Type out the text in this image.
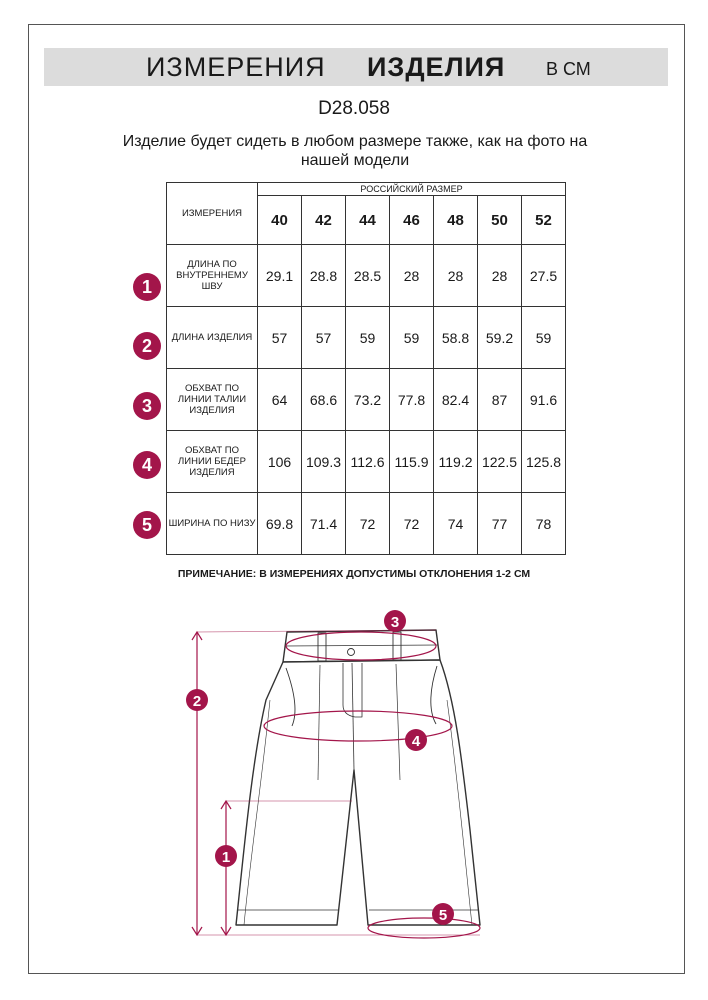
ИЗМЕРЕНИЯ ИЗДЕЛИЯ В СМ
D28.058
Изделие будет сидеть в любом размере также, как на фото на нашей модели
ИЗМЕРЕНИЯ	РОССИЙСКИЙ РАЗМЕР						
	40	42	44	46	48	50	52
ДЛИНА ПО ВНУТРЕННЕМУ ШВУ	29.1	28.8	28.5	28	28	28	27.5
ДЛИНА ИЗДЕЛИЯ	57	57	59	59	58.8	59.2	59
ОБХВАТ ПО ЛИНИИ ТАЛИИ ИЗДЕЛИЯ	64	68.6	73.2	77.8	82.4	87	91.6
ОБХВАТ ПО ЛИНИИ БЕДЕР ИЗДЕЛИЯ	106	109.3	112.6	115.9	119.2	122.5	125.8
ШИРИНА ПО НИЗУ	69.8	71.4	72	72	74	77	78
1
2
3
4
5
ПРИМЕЧАНИЕ: В ИЗМЕРЕНИЯХ ДОПУСТИМЫ ОТКЛОНЕНИЯ 1-2 СМ
3
2
4
1
5
